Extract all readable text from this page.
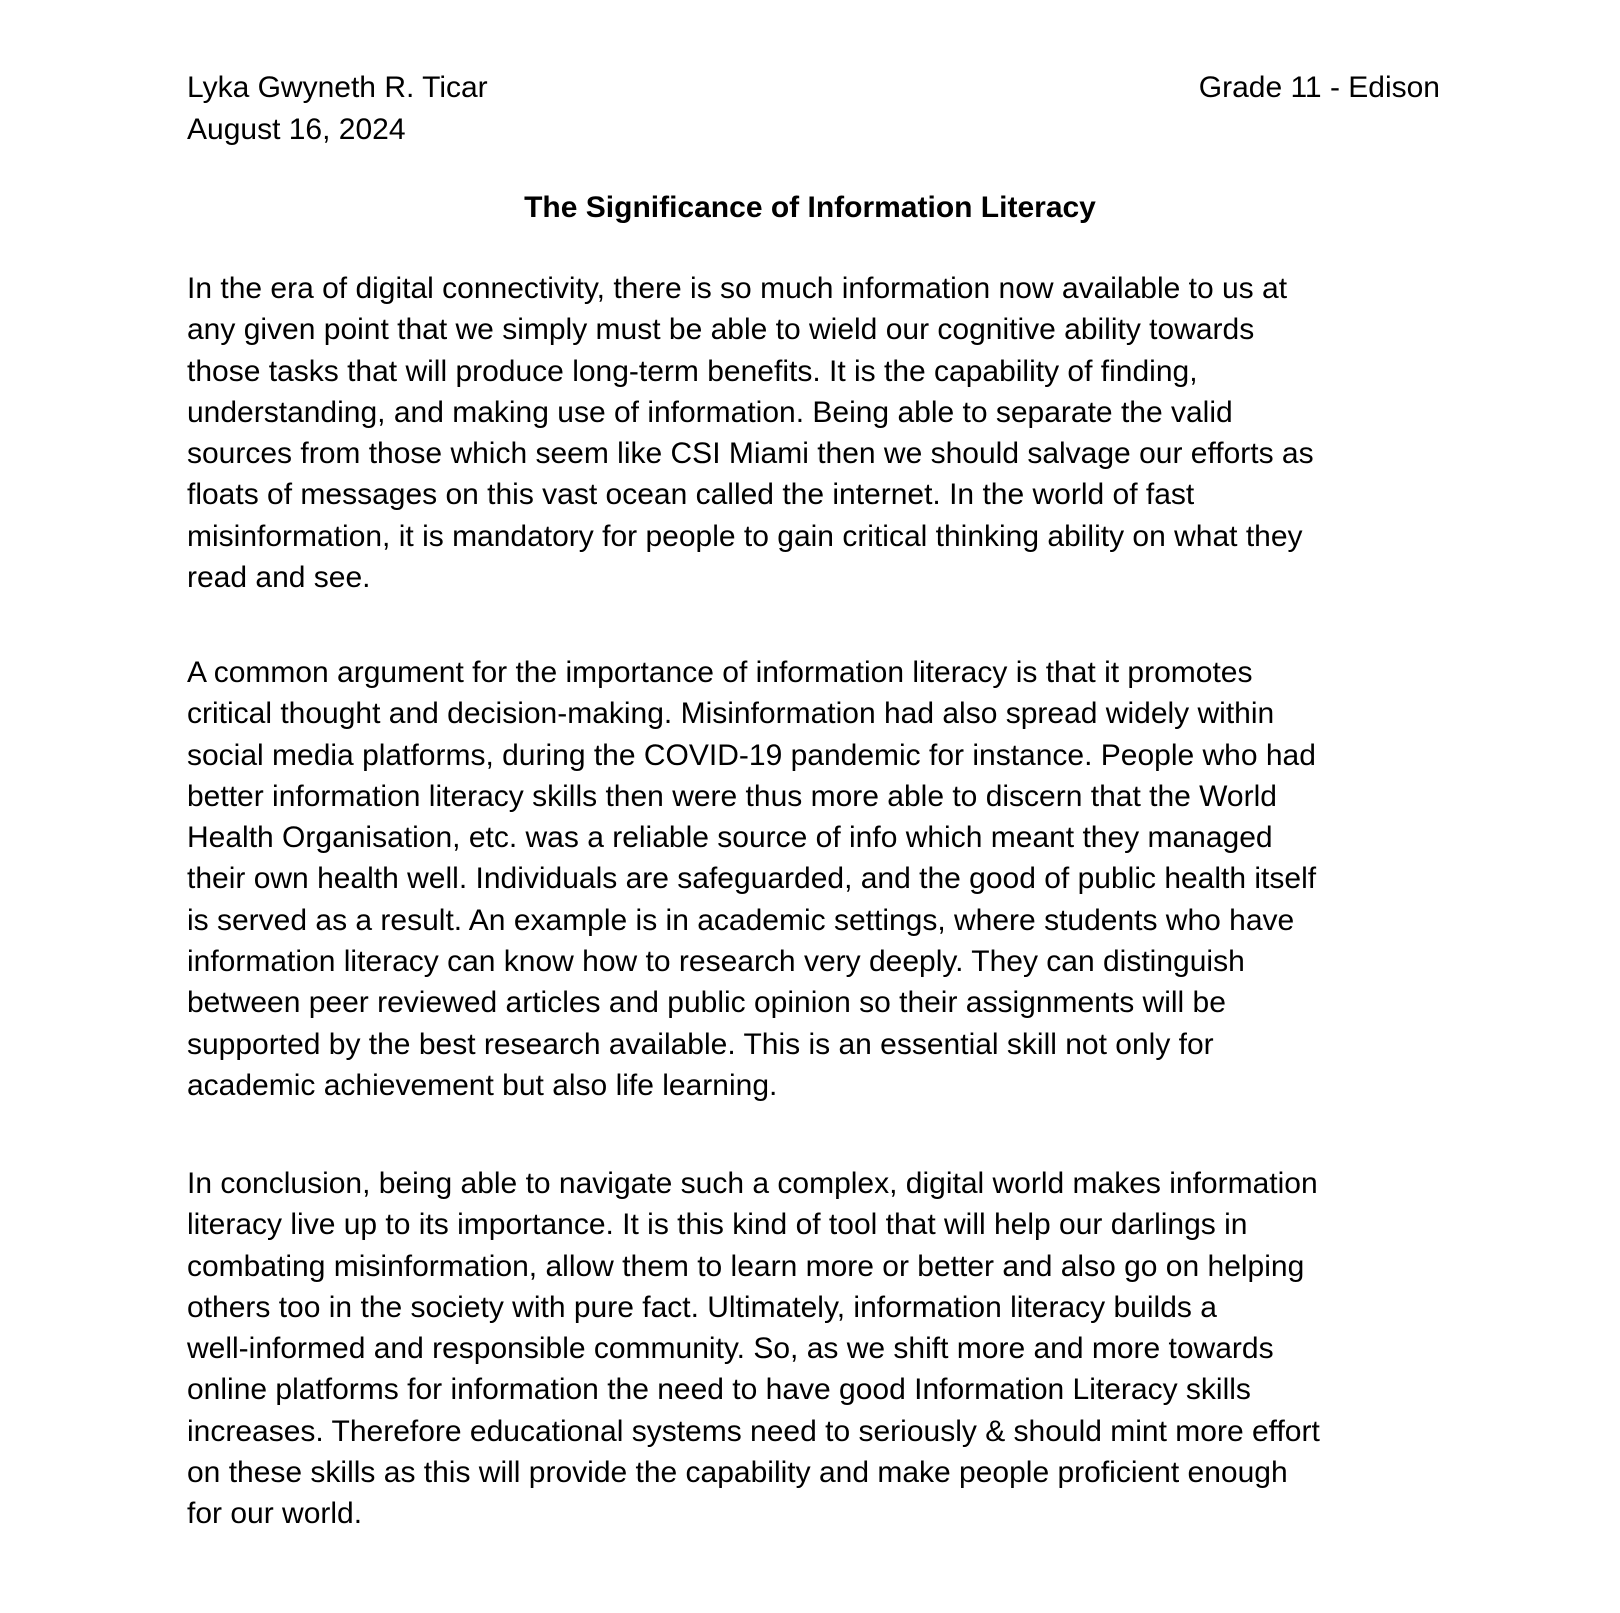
Lyka Gwyneth R. Ticar
August 16, 2024
Grade 11 - Edison
The Significance of Information Literacy
In the era of digital connectivity, there is so much information now available to us at
any given point that we simply must be able to wield our cognitive ability towards
those tasks that will produce long-term benefits. It is the capability of finding,
understanding, and making use of information. Being able to separate the valid
sources from those which seem like CSI Miami then we should salvage our efforts as
floats of messages on this vast ocean called the internet. In the world of fast
misinformation, it is mandatory for people to gain critical thinking ability on what they
read and see.
A common argument for the importance of information literacy is that it promotes
critical thought and decision-making. Misinformation had also spread widely within
social media platforms, during the COVID-19 pandemic for instance. People who had
better information literacy skills then were thus more able to discern that the World
Health Organisation, etc. was a reliable source of info which meant they managed
their own health well. Individuals are safeguarded, and the good of public health itself
is served as a result. An example is in academic settings, where students who have
information literacy can know how to research very deeply. They can distinguish
between peer reviewed articles and public opinion so their assignments will be
supported by the best research available. This is an essential skill not only for
academic achievement but also life learning.
In conclusion, being able to navigate such a complex, digital world makes information
literacy live up to its importance. It is this kind of tool that will help our darlings in
combating misinformation, allow them to learn more or better and also go on helping
others too in the society with pure fact. Ultimately, information literacy builds a
well-informed and responsible community. So, as we shift more and more towards
online platforms for information the need to have good Information Literacy skills
increases. Therefore educational systems need to seriously & should mint more effort
on these skills as this will provide the capability and make people proficient enough
for our world.
